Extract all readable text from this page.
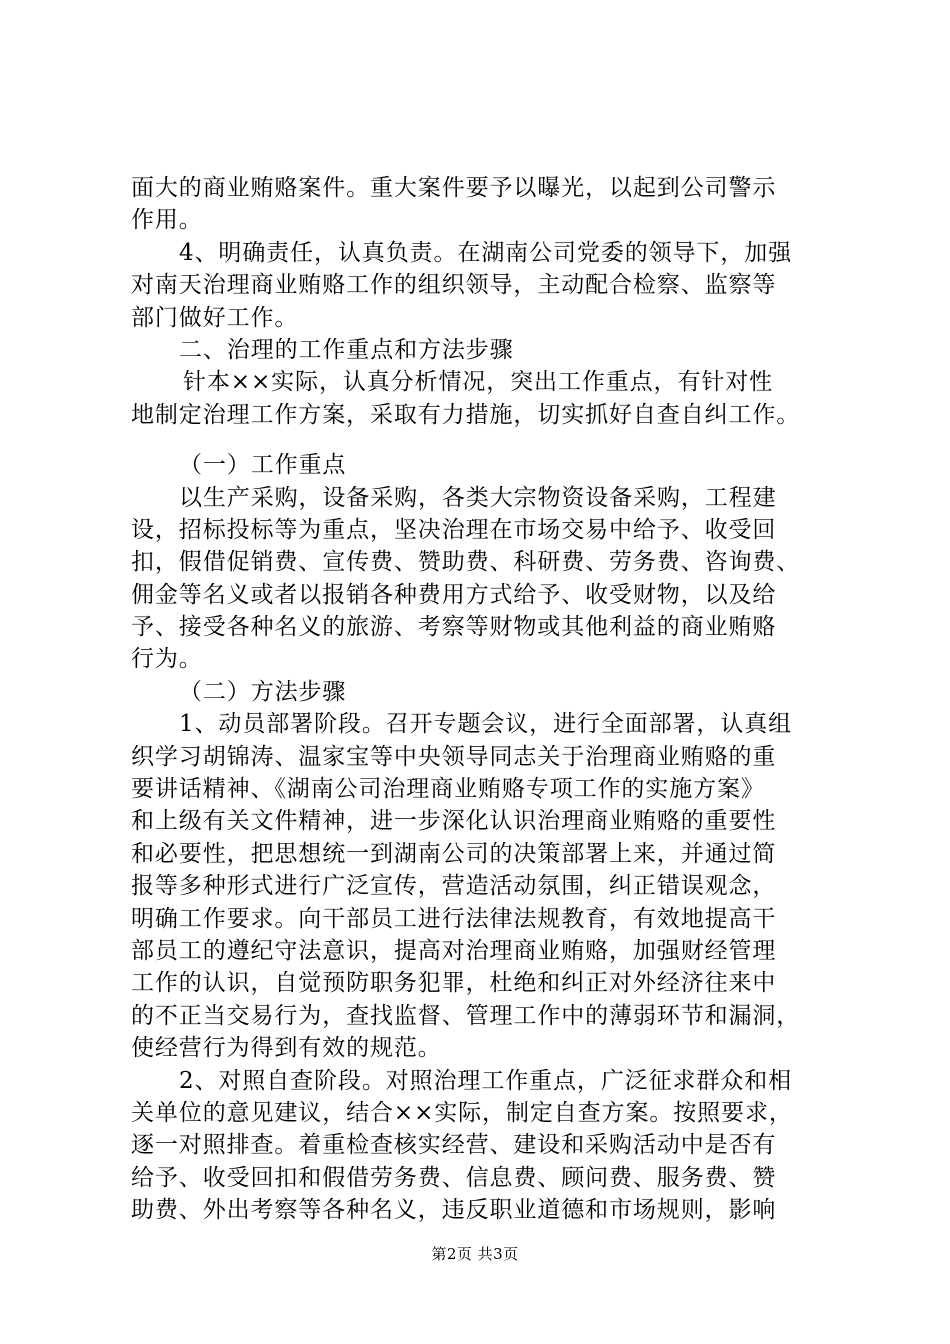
面大的商业贿赂案件。重大案件要予以曝光，以起到公司警示
作用。
4、明确责任，认真负责。在湖南公司党委的领导下，加强
对南天治理商业贿赂工作的组织领导，主动配合检察、监察等
部门做好工作。
二、治理的工作重点和方法步骤
针本××实际，认真分析情况，突出工作重点，有针对性
地制定治理工作方案，采取有力措施，切实抓好自查自纠工作。
（一）工作重点
以生产采购，设备采购，各类大宗物资设备采购，工程建
设，招标投标等为重点，坚决治理在市场交易中给予、收受回
扣，假借促销费、宣传费、赞助费、科研费、劳务费、咨询费、
佣金等名义或者以报销各种费用方式给予、收受财物，以及给
予、接受各种名义的旅游、考察等财物或其他利益的商业贿赂
行为。
（二）方法步骤
1、动员部署阶段。召开专题会议，进行全面部署，认真组
织学习胡锦涛、温家宝等中央领导同志关于治理商业贿赂的重
要讲话精神、《湖南公司治理商业贿赂专项工作的实施方案》
和上级有关文件精神，进一步深化认识治理商业贿赂的重要性
和必要性，把思想统一到湖南公司的决策部署上来，并通过简
报等多种形式进行广泛宣传，营造活动氛围，纠正错误观念，
明确工作要求。向干部员工进行法律法规教育，有效地提高干
部员工的遵纪守法意识，提高对治理商业贿赂，加强财经管理
工作的认识，自觉预防职务犯罪，杜绝和纠正对外经济往来中
的不正当交易行为，查找监督、管理工作中的薄弱环节和漏洞，
使经营行为得到有效的规范。
2、对照自查阶段。对照治理工作重点，广泛征求群众和相
关单位的意见建议，结合××实际，制定自查方案。按照要求，
逐一对照排查。着重检查核实经营、建设和采购活动中是否有
给予、收受回扣和假借劳务费、信息费、顾问费、服务费、赞
助费、外出考察等各种名义，违反职业道德和市场规则，影响
第2页 共3页
